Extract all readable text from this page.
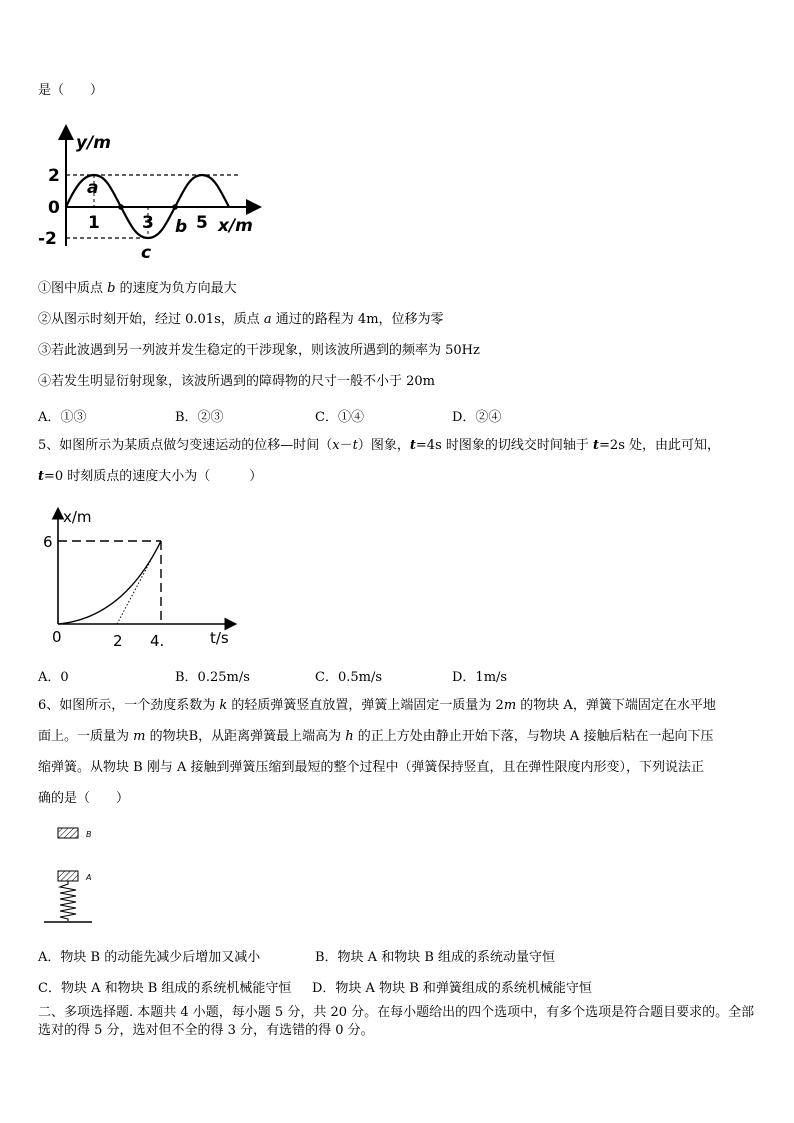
是（　　）
y/m
2
0
-2
1 3 5 x/m
a
b
c
①图中质点 b 的速度为负方向最大
②从图示时刻开始，经过 0.01s，质点 a 通过的路程为 4m，位移为零
③若此波遇到另一列波并发生稳定的干涉现象，则该波所遇到的频率为 50Hz
④若发生明显衍射现象，该波所遇到的障碍物的尺寸一般不小于 20m
A．①③	B．②③	C．①④	D．②④
5、如图所示为某质点做匀变速运动的位移—时间（x－t）图象，t=4s 时图象的切线交时间轴于 t=2s 处，由此可知，
t=0 时刻质点的速度大小为（　　　）
x/m
6
0	2 4.	t/s
A．0	B．0.25m/s	C．0.5m/s	D．1m/s
6、如图所示，一个劲度系数为 k 的轻质弹簧竖直放置，弹簧上端固定一质量为 2m 的物块 A，弹簧下端固定在水平地
面上。一质量为 m 的物块B，从距离弹簧最上端高为 h 的正上方处由静止开始下落，与物块 A 接触后粘在一起向下压
缩弹簧。从物块 B 刚与 A 接触到弹簧压缩到最短的整个过程中（弹簧保持竖直，且在弹性限度内形变），下列说法正
确的是（　　）
B
A
A．物块 B 的动能先减少后增加又减小	B．物块 A 和物块 B 组成的系统动量守恒
C．物块 A 和物块 B 组成的系统机械能守恒 D．物块 A 物块 B 和弹簧组成的系统机械能守恒
二、多项选择题. 本题共 4 小题，每小题 5 分，共 20 分。在每小题给出的四个选项中，有多个选项是符合题目要求的。全部选对的得 5 分，选对但不全的得 3 分，有选错的得 0 分。
